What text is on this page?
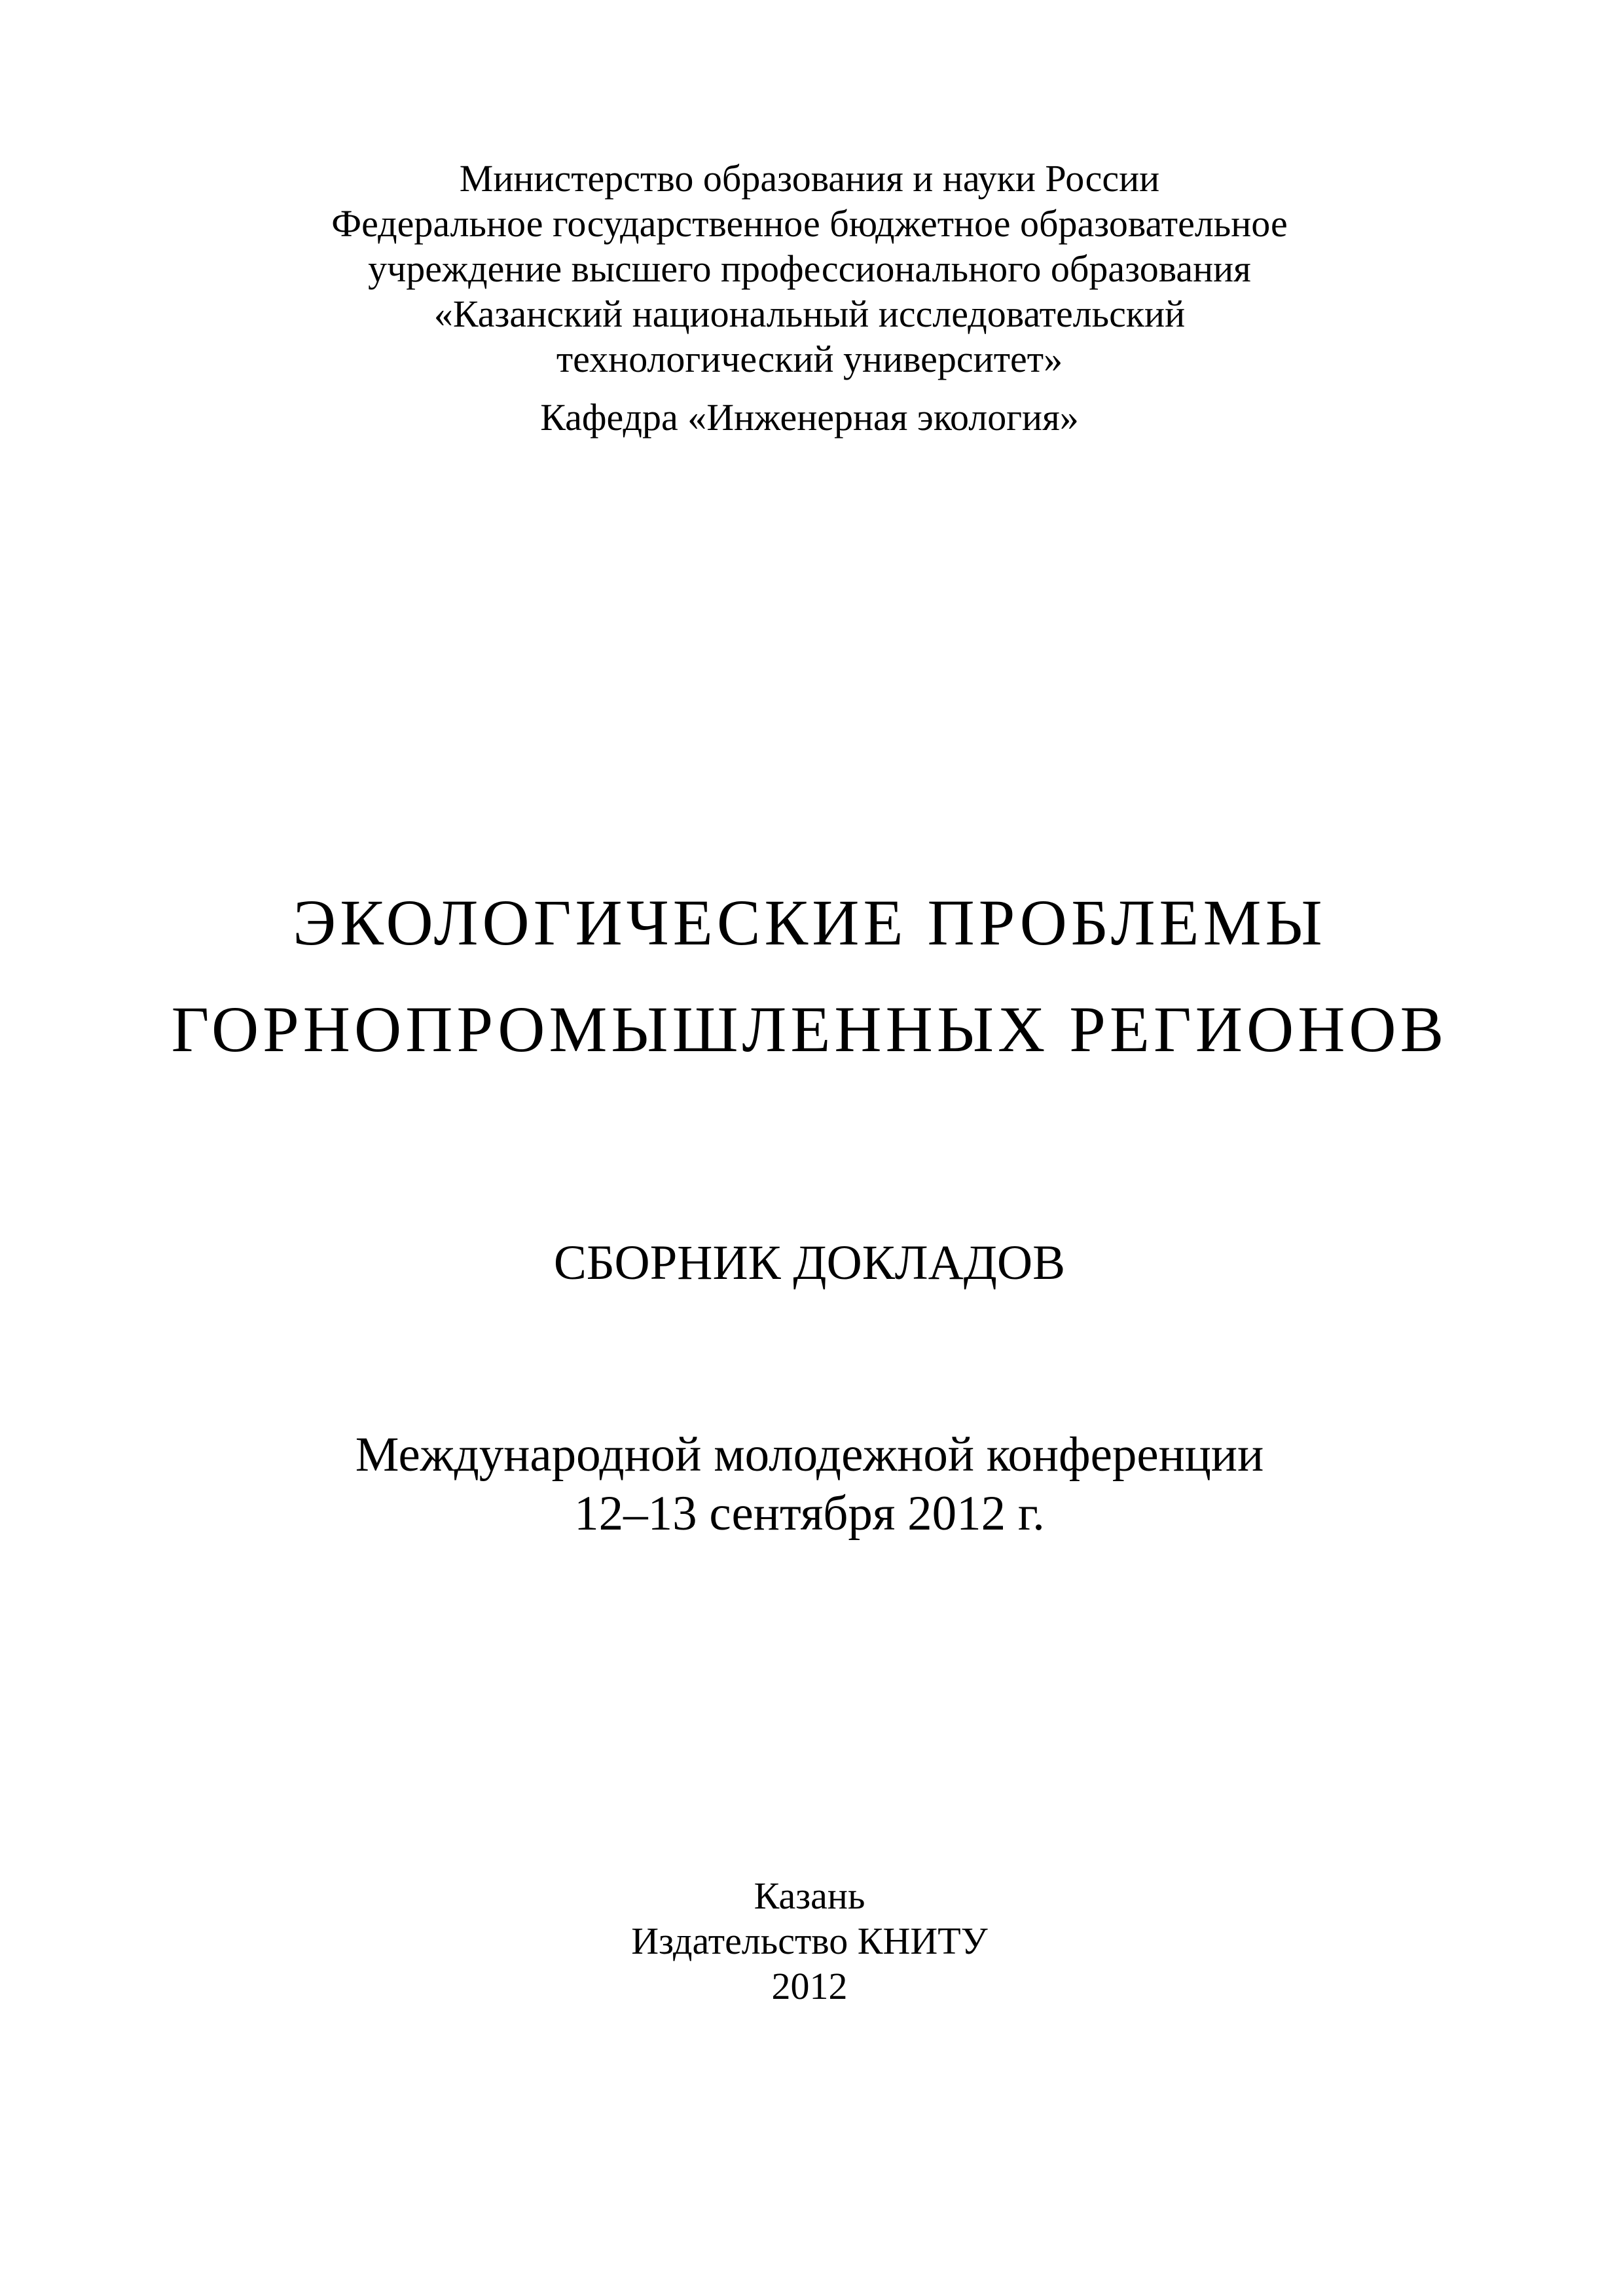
Министерство образования и науки России
Федеральное государственное бюджетное образовательное
учреждение высшего профессионального образования
«Казанский национальный исследовательский
технологический университет»
Кафедра «Инженерная экология»
ЭКОЛОГИЧЕСКИЕ ПРОБЛЕМЫ
ГОРНОПРОМЫШЛЕННЫХ РЕГИОНОВ
СБОРНИК ДОКЛАДОВ
Международной молодежной конференции
12–13 сентября 2012 г.
Казань
Издательство КНИТУ
2012
